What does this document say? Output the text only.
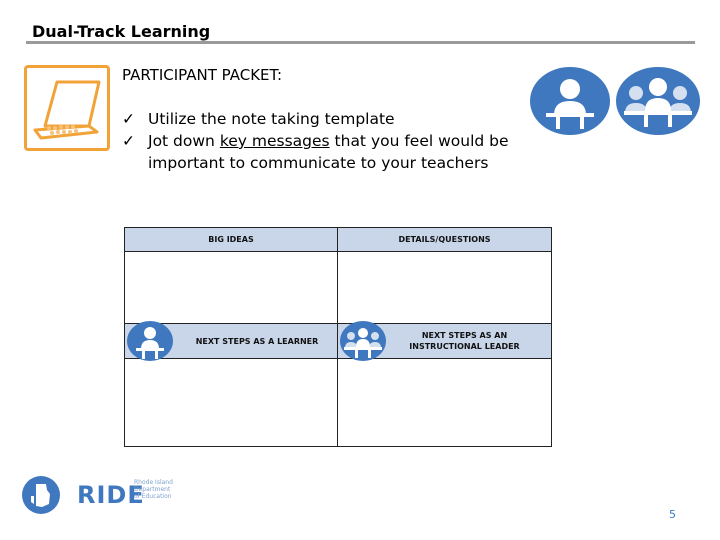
Dual-Track Learning
PARTICIPANT PACKET:
✓ Utilize the note taking template
✓ Jot down key messages that you feel would be
important to communicate to your teachers
BIG IDEAS	DETAILS/QUESTIONS

NEXT STEPS AS A LEARNER	NEXT STEPS AS AN INSTRUCTIONAL LEADER

RIDE
Rhode Island
Department
of Education
5
